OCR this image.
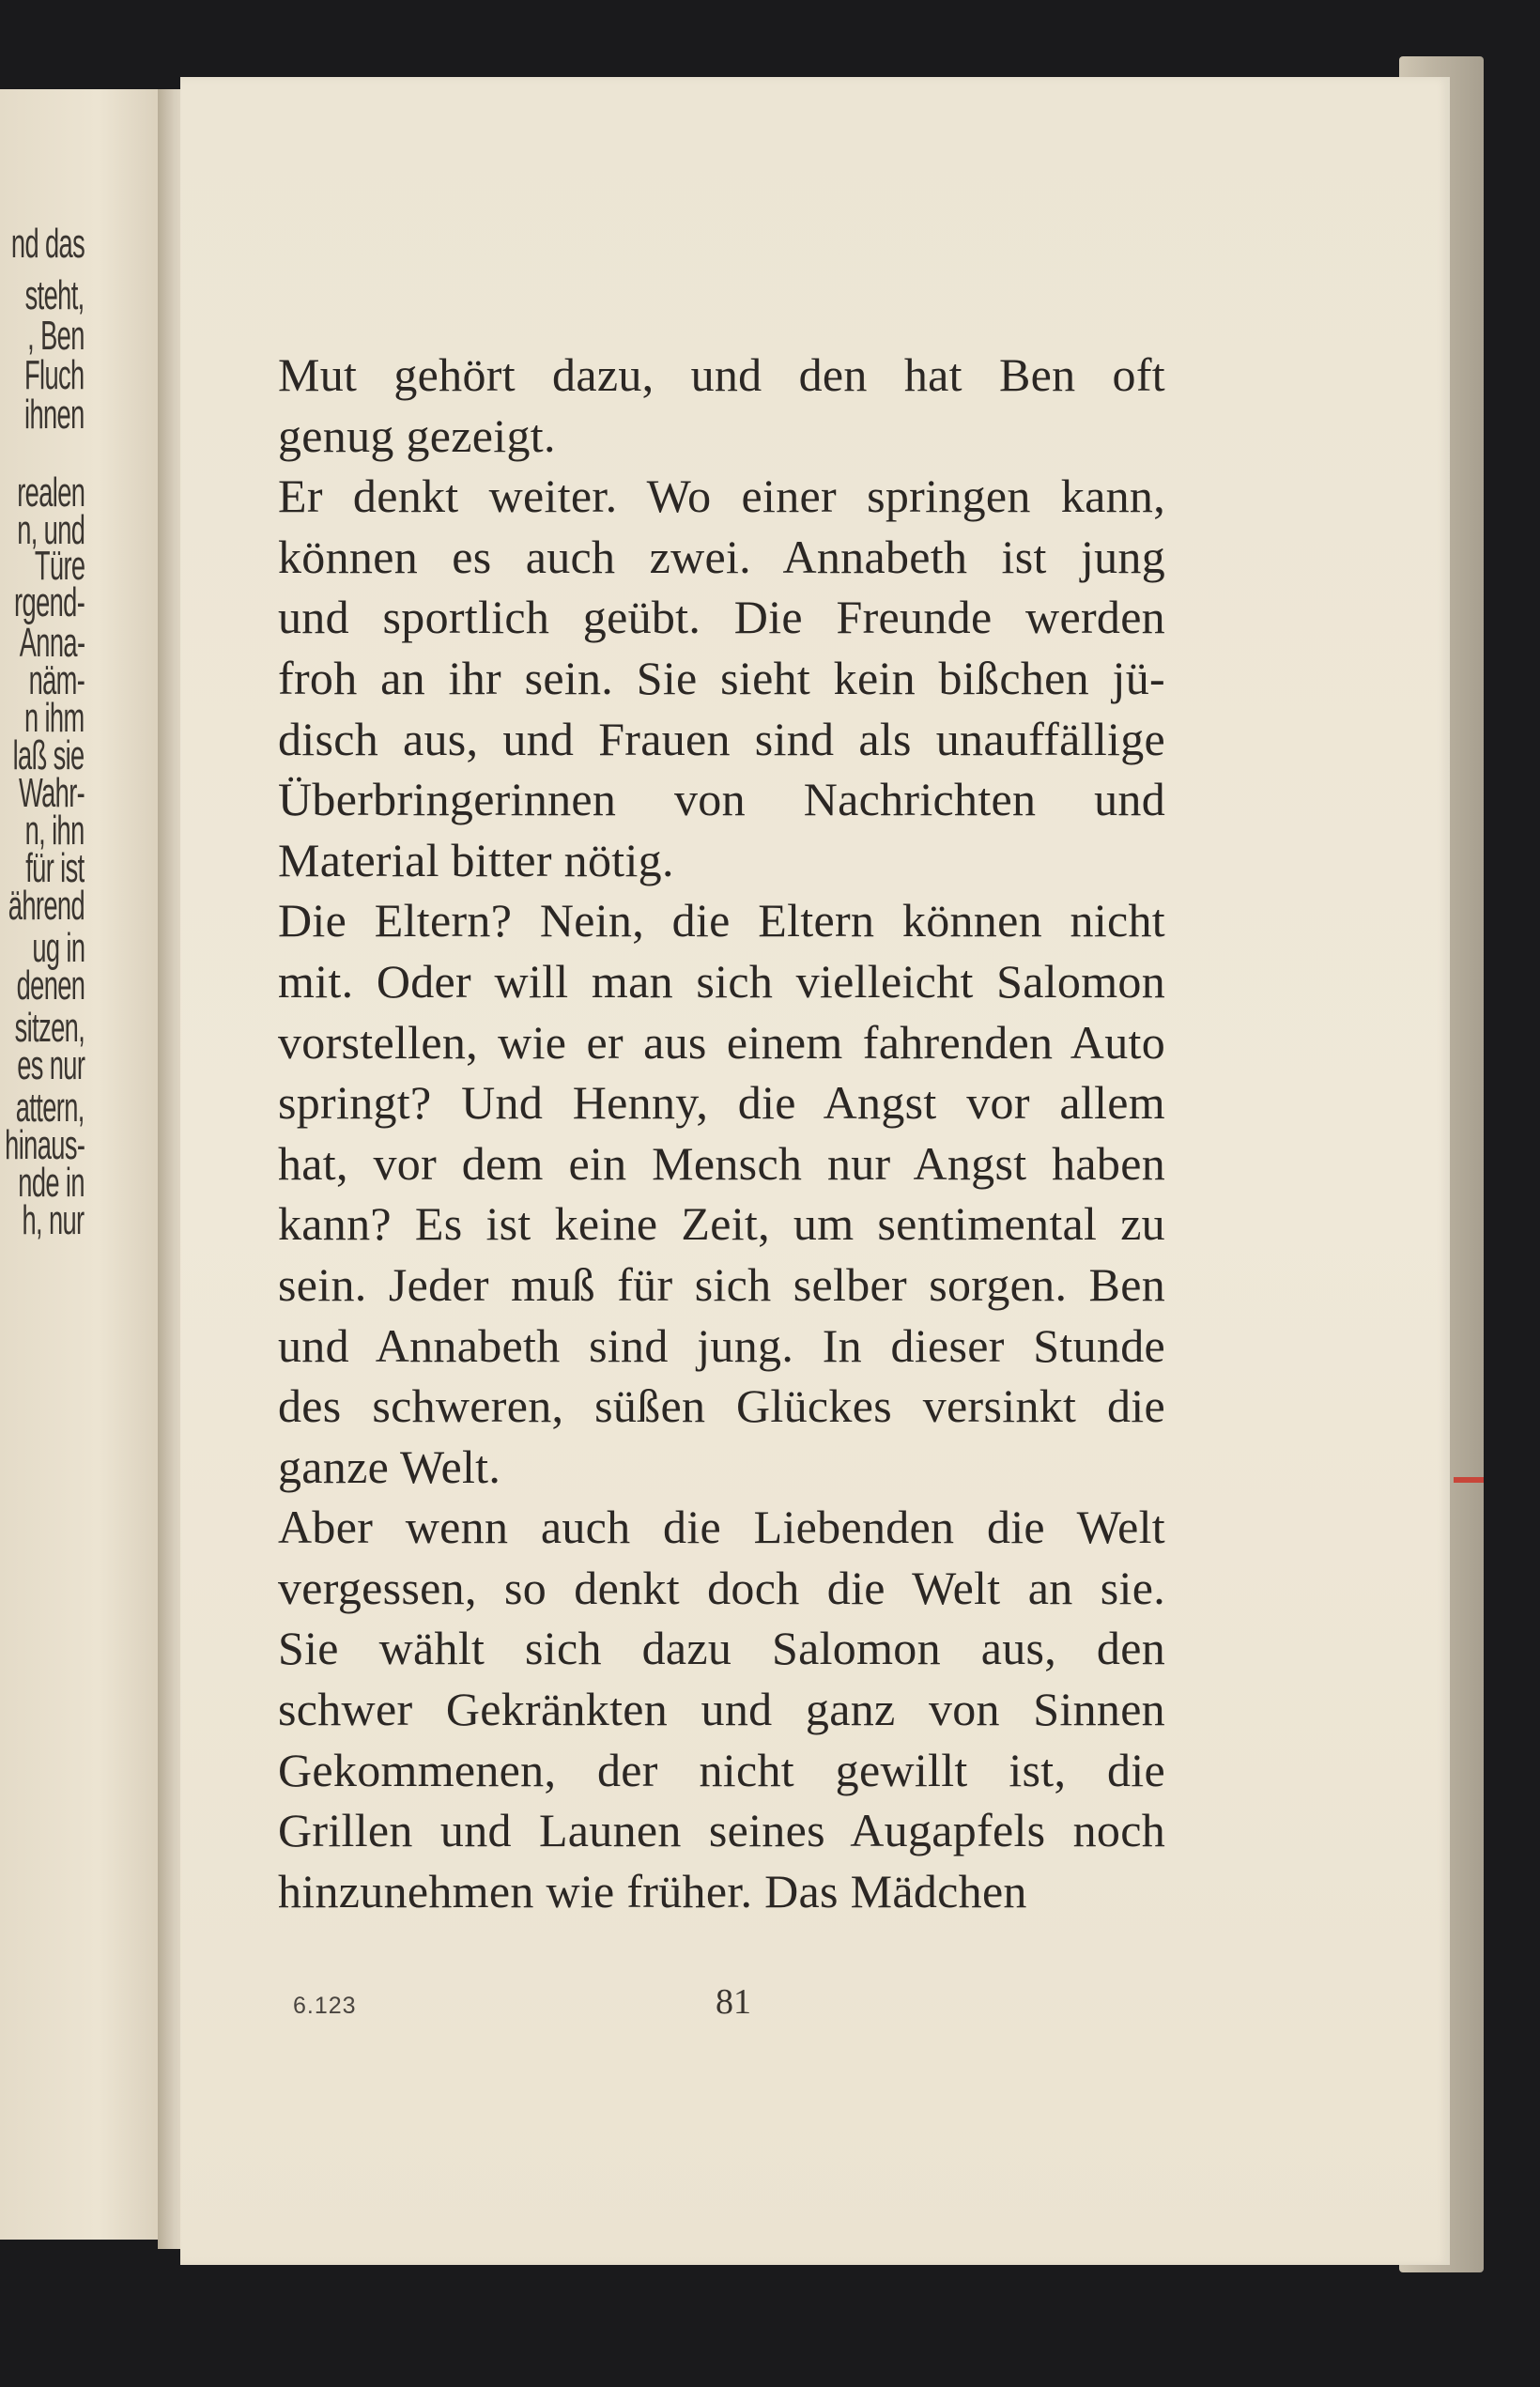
nd das
steht,
, Ben
Fluch
ihnen
realen
n, und
Türe
rgend-
Anna-
näm-
n ihm
laß sie
Wahr-
n, ihn
für ist
ährend
ug in
denen
sitzen,
es nur
attern,
hinaus-
nde in
h, nur
Mut gehört dazu, und den hat Ben oft
genug gezeigt.
Er denkt weiter. Wo einer springen kann,
können es auch zwei. Annabeth ist jung
und sportlich geübt. Die Freunde werden
froh an ihr sein. Sie sieht kein bißchen jü-
disch aus, und Frauen sind als unauffällige
Überbringerinnen von Nachrichten und
Material bitter nötig.
Die Eltern? Nein, die Eltern können nicht
mit. Oder will man sich vielleicht Salomon
vorstellen, wie er aus einem fahrenden Auto
springt? Und Henny, die Angst vor allem
hat, vor dem ein Mensch nur Angst haben
kann? Es ist keine Zeit, um sentimental zu
sein. Jeder muß für sich selber sorgen. Ben
und Annabeth sind jung. In dieser Stunde
des schweren, süßen Glückes versinkt die
ganze Welt.
Aber wenn auch die Liebenden die Welt
vergessen, so denkt doch die Welt an sie.
Sie wählt sich dazu Salomon aus, den
schwer Gekränkten und ganz von Sinnen
Gekommenen, der nicht gewillt ist, die
Grillen und Launen seines Augapfels noch
hinzunehmen wie früher. Das Mädchen
6.123	81
